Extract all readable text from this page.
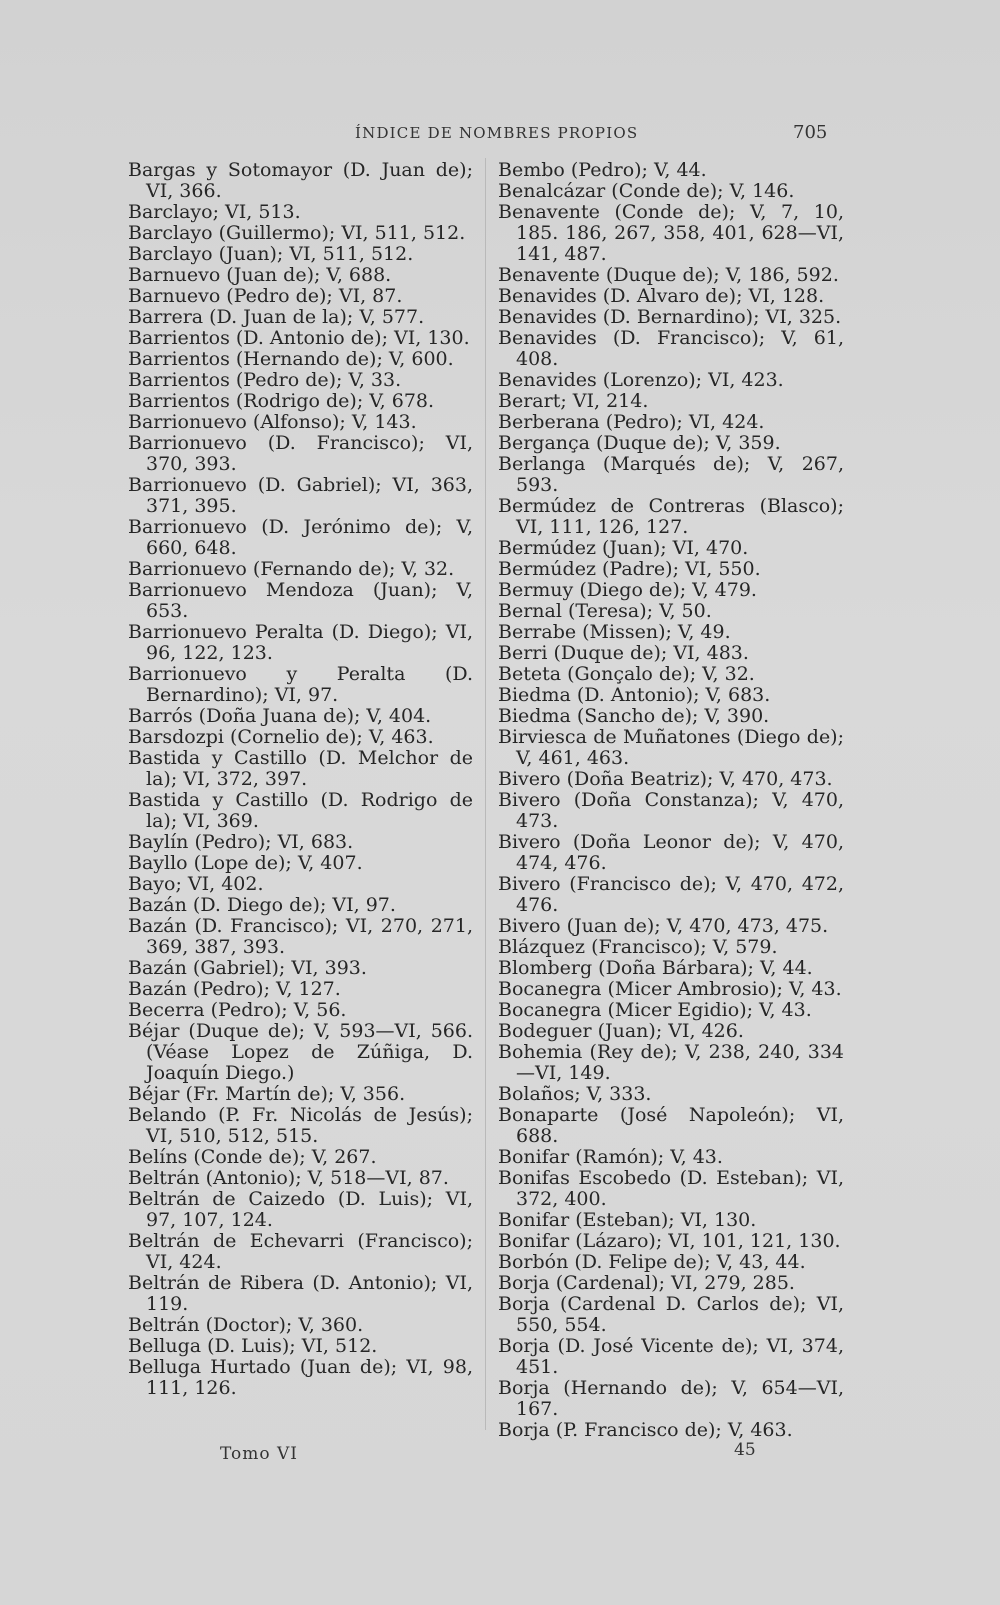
ÍNDICE DE NOMBRES PROPIOS	705

Bargas y Sotomayor (D. Juan de); VI, 366.

Barclayo; VI, 513.

Barclayo (Guillermo); VI, 511, 512.

Barclayo (Juan); VI, 511, 512.

Barnuevo (Juan de); V, 688.

Barnuevo (Pedro de); VI, 87.

Barrera (D. Juan de la); V, 577.

Barrientos (D. Antonio de); VI, 130.

Barrientos (Hernando de); V, 600.

Barrientos (Pedro de); V, 33.

Barrientos (Rodrigo de); V, 678.

Barrionuevo (Alfonso); V, 143.

Barrionuevo (D. Francisco); VI, 370, 393.

Barrionuevo (D. Gabriel); VI, 363, 371, 395.

Barrionuevo (D. Jerónimo de); V, 660, 648.

Barrionuevo (Fernando de); V, 32.

Barrionuevo Mendoza (Juan); V, 653.

Barrionuevo Peralta (D. Diego); VI, 96, 122, 123.

Barrionuevo y Peralta (D. Bernardino); VI, 97.

Barrós (Doña Juana de); V, 404.

Barsdozpi (Cornelio de); V, 463.

Bastida y Castillo (D. Melchor de la); VI, 372, 397.

Bastida y Castillo (D. Rodrigo de la); VI, 369.

Baylín (Pedro); VI, 683.

Bayllo (Lope de); V, 407.

Bayo; VI, 402.

Bazán (D. Diego de); VI, 97.

Bazán (D. Francisco); VI, 270, 271, 369, 387, 393.

Bazán (Gabriel); VI, 393.

Bazán (Pedro); V, 127.

Becerra (Pedro); V, 56.

Béjar (Duque de); V, 593—VI, 566. (Véase Lopez de Zúñiga, D. Joaquín Diego.)

Béjar (Fr. Martín de); V, 356.

Belando (P. Fr. Nicolás de Jesús); VI, 510, 512, 515.

Belíns (Conde de); V, 267.

Beltrán (Antonio); V, 518—VI, 87.

Beltrán de Caizedo (D. Luis); VI, 97, 107, 124.

Beltrán de Echevarri (Francisco); VI, 424.

Beltrán de Ribera (D. Antonio); VI, 119.

Beltrán (Doctor); V, 360.

Belluga (D. Luis); VI, 512.

Belluga Hurtado (Juan de); VI, 98, 111, 126.

Bembo (Pedro); V, 44.

Benalcázar (Conde de); V, 146.

Benavente (Conde de); V, 7, 10, 185. 186, 267, 358, 401, 628—VI, 141, 487.

Benavente (Duque de); V, 186, 592.

Benavides (D. Alvaro de); VI, 128.

Benavides (D. Bernardino); VI, 325.

Benavides (D. Francisco); V, 61, 408.

Benavides (Lorenzo); VI, 423.

Berart; VI, 214.

Berberana (Pedro); VI, 424.

Bergança (Duque de); V, 359.

Berlanga (Marqués de); V, 267, 593.

Bermúdez de Contreras (Blasco); VI, 111, 126, 127.

Bermúdez (Juan); VI, 470.

Bermúdez (Padre); VI, 550.

Bermuy (Diego de); V, 479.

Bernal (Teresa); V, 50.

Berrabe (Missen); V, 49.

Berri (Duque de); VI, 483.

Beteta (Gonçalo de); V, 32.

Biedma (D. Antonio); V, 683.

Biedma (Sancho de); V, 390.

Birviesca de Muñatones (Diego de); V, 461, 463.

Bivero (Doña Beatriz); V, 470, 473.

Bivero (Doña Constanza); V, 470, 473.

Bivero (Doña Leonor de); V, 470, 474, 476.

Bivero (Francisco de); V, 470, 472, 476.

Bivero (Juan de); V, 470, 473, 475.

Blázquez (Francisco); V, 579.

Blomberg (Doña Bárbara); V, 44.

Bocanegra (Micer Ambrosio); V, 43.

Bocanegra (Micer Egidio); V, 43.

Bodeguer (Juan); VI, 426.

Bohemia (Rey de); V, 238, 240, 334 —VI, 149.

Bolaños; V, 333.

Bonaparte (José Napoleón); VI, 688.

Bonifar (Ramón); V, 43.

Bonifas Escobedo (D. Esteban); VI, 372, 400.

Bonifar (Esteban); VI, 130.

Bonifar (Lázaro); VI, 101, 121, 130.

Borbón (D. Felipe de); V, 43, 44.

Borja (Cardenal); VI, 279, 285.

Borja (Cardenal D. Carlos de); VI, 550, 554.

Borja (D. José Vicente de); VI, 374, 451.

Borja (Hernando de); V, 654—VI, 167.

Borja (P. Francisco de); V, 463.

Tomo VI	45
